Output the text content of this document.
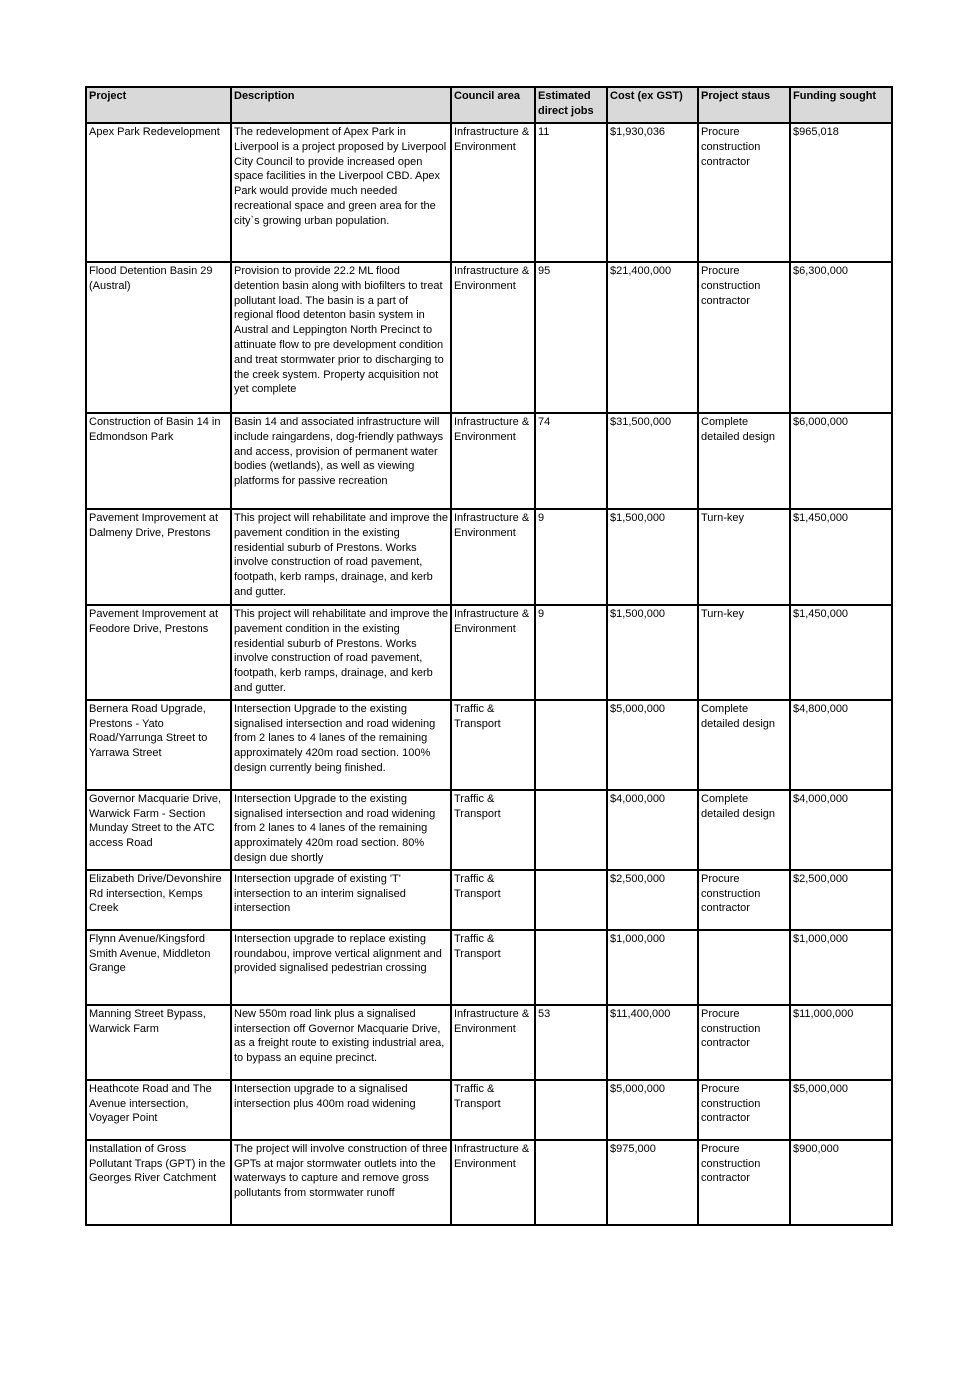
Project	Description	Council area	Estimated direct jobs	Cost (ex GST)	Project staus	Funding sought
Apex Park Redevelopment	The redevelopment of Apex Park in Liverpool is a project proposed by Liverpool City Council to provide increased open space facilities in the Liverpool CBD. Apex Park would provide much needed recreational space and green area for the city`s growing urban population.	Infrastructure & Environment	11	$1,930,036	Procure construction contractor	$965,018
Flood Detention Basin 29 (Austral)	Provision to provide 22.2 ML flood detention basin along with biofilters to treat pollutant load. The basin is a part of regional flood detenton basin system in Austral and Leppington North Precinct to attinuate flow to pre development condition and treat stormwater prior to discharging to the creek system. Property acquisition not yet complete	Infrastructure & Environment	95	$21,400,000	Procure construction contractor	$6,300,000
Construction of Basin 14 in Edmondson Park	Basin 14 and associated infrastructure will include raingardens, dog-friendly pathways and access, provision of permanent water bodies (wetlands), as well as viewing platforms for passive recreation	Infrastructure & Environment	74	$31,500,000	Complete detailed design	$6,000,000
Pavement Improvement at Dalmeny Drive, Prestons	This project will rehabilitate and improve the pavement condition in the existing residential suburb of Prestons. Works involve construction of road pavement, footpath, kerb ramps, drainage, and kerb and gutter.	Infrastructure & Environment	9	$1,500,000	Turn-key	$1,450,000
Pavement Improvement at Feodore Drive, Prestons	This project will rehabilitate and improve the pavement condition in the existing residential suburb of Prestons. Works involve construction of road pavement, footpath, kerb ramps, drainage, and kerb and gutter.	Infrastructure & Environment	9	$1,500,000	Turn-key	$1,450,000
Bernera Road Upgrade, Prestons - Yato Road/Yarrunga Street to Yarrawa Street	Intersection Upgrade to the existing signalised intersection and road widening from 2 lanes to 4 lanes of the remaining approximately 420m road section. 100% design currently being finished.	Traffic & Transport		$5,000,000	Complete detailed design	$4,800,000
Governor Macquarie Drive, Warwick Farm - Section Munday Street to the ATC access Road	Intersection Upgrade to the existing signalised intersection and road widening from 2 lanes to 4 lanes of the remaining approximately 420m road section. 80% design due shortly	Traffic & Transport		$4,000,000	Complete detailed design	$4,000,000
Elizabeth Drive/Devonshire Rd intersection, Kemps Creek	Intersection upgrade of existing 'T' intersection to an interim signalised intersection	Traffic & Transport		$2,500,000	Procure construction contractor	$2,500,000
Flynn Avenue/Kingsford Smith Avenue, Middleton Grange	Intersection upgrade to replace existing roundabou, improve vertical alignment and provided signalised pedestrian crossing	Traffic & Transport		$1,000,000		$1,000,000
Manning Street Bypass, Warwick Farm	New 550m road link plus a signalised intersection off Governor Macquarie Drive, as a freight route to existing industrial area, to bypass an equine precinct.	Infrastructure & Environment	53	$11,400,000	Procure construction contractor	$11,000,000
Heathcote Road and The Avenue intersection, Voyager Point	Intersection upgrade to a signalised intersection plus 400m road widening	Traffic & Transport		$5,000,000	Procure construction contractor	$5,000,000
Installation of Gross Pollutant Traps (GPT) in the Georges River Catchment	The project will involve construction of three GPTs at major stormwater outlets into the waterways to capture and remove gross pollutants from stormwater runoff	Infrastructure & Environment		$975,000	Procure construction contractor	$900,000
